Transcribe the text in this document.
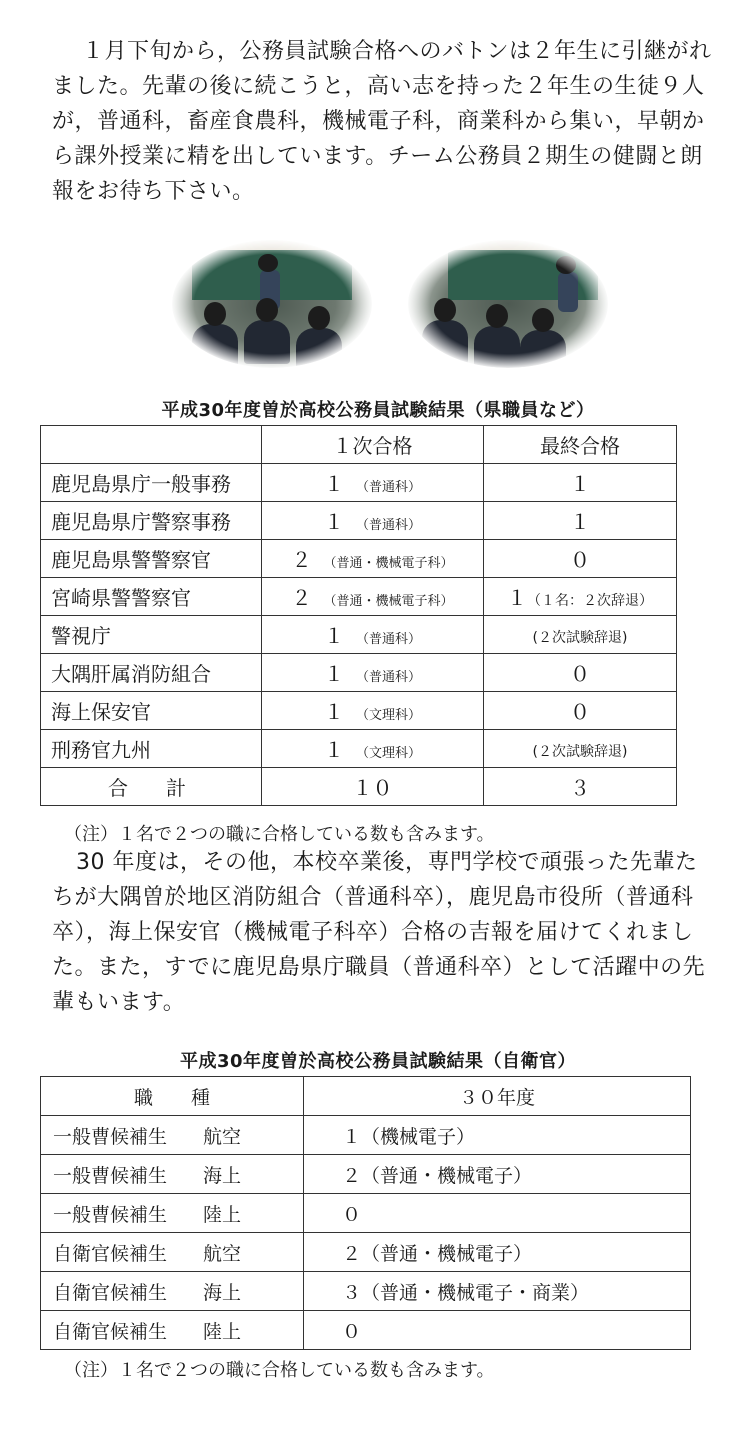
１月下旬から，公務員試験合格へのバトンは２年生に引継がれました。先輩の後に続こうと，高い志を持った２年生の生徒９人が，普通科，畜産食農科，機械電子科，商業科から集い，早朝から課外授業に精を出しています。チーム公務員２期生の健闘と朗報をお待ち下さい。

平成30年度曽於高校公務員試験結果（県職員など）
	１次合格	最終合格
鹿児島県庁一般事務	１ （普通科）	１
鹿児島県庁警察事務	１ （普通科）	１
鹿児島県警警察官	２ （普通・機械電子科）	０
宮崎県警警察官	２ （普通・機械電子科）	１（１名：２次辞退）
警視庁	１ （普通科）	(２次試験辞退)
大隅肝属消防組合	１ （普通科）	０
海上保安官	１ （文理科）	０
刑務官九州	１ （文理科）	(２次試験辞退)
合計	１０	３
（注）１名で２つの職に合格している数も含みます。

30 年度は，その他，本校卒業後，専門学校で頑張った先輩たちが大隅曽於地区消防組合（普通科卒），鹿児島市役所（普通科卒），海上保安官（機械電子科卒）合格の吉報を届けてくれました。また，すでに鹿児島県庁職員（普通科卒）として活躍中の先輩もいます。

平成30年度曽於高校公務員試験結果（自衛官）
職　　種	３０年度
一般曹候補生 航空	１（機械電子）
一般曹候補生 海上	２（普通・機械電子）
一般曹候補生 陸上	０
自衛官候補生 航空	２（普通・機械電子）
自衛官候補生 海上	３（普通・機械電子・商業）
自衛官候補生 陸上	０
（注）１名で２つの職に合格している数も含みます。
